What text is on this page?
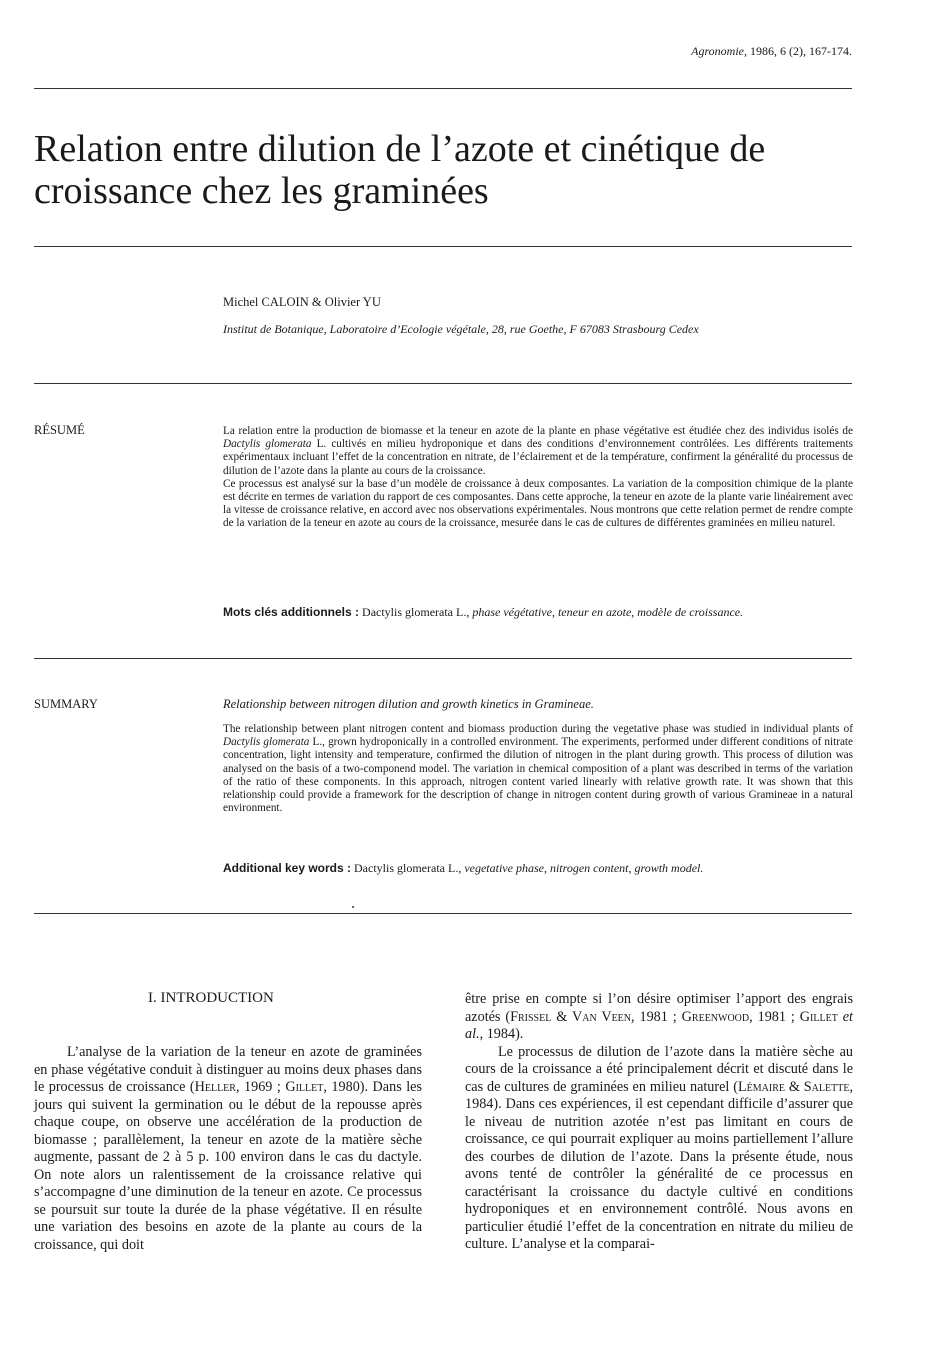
Agronomie, 1986, 6 (2), 167-174.
Relation entre dilution de l’azote et cinétique de croissance chez les graminées
Michel CALOIN & Olivier YU
Institut de Botanique, Laboratoire d’Ecologie végétale, 28, rue Goethe, F 67083 Strasbourg Cedex
RÉSUMÉ	La relation entre la production de biomasse et la teneur en azote de la plante en phase végétative est étudiée chez des individus isolés de Dactylis glomerata L. cultivés en milieu hydroponique et dans des conditions d’environnement contrôlées. Les différents traitements expérimentaux incluant l’effet de la concentration en nitrate, de l’éclairement et de la température, confirment la généralité du processus de dilution de l’azote dans la plante au cours de la croissance.

Ce processus est analysé sur la base d’un modèle de croissance à deux composantes. La variation de la composition chimique de la plante est décrite en termes de variation du rapport de ces composantes. Dans cette approche, la teneur en azote de la plante varie linéairement avec la vitesse de croissance relative, en accord avec nos observations expérimentales. Nous montrons que cette relation permet de rendre compte de la variation de la teneur en azote au cours de la croissance, mesurée dans le cas de cultures de différentes graminées en milieu naturel.

Mots clés additionnels : Dactylis glomerata L., phase végétative, teneur en azote, modèle de croissance.
SUMMARY	Relationship between nitrogen dilution and growth kinetics in Gramineae.

The relationship between plant nitrogen content and biomass production during the vegetative phase was studied in individual plants of Dactylis glomerata L., grown hydroponically in a controlled environment. The experiments, performed under different conditions of nitrate concentration, light intensity and temperature, confirmed the dilution of nitrogen in the plant during growth. This process of dilution was analysed on the basis of a two-componend model. The variation in chemical composition of a plant was described in terms of the variation of the ratio of these components. In this approach, nitrogen content varied linearly with relative growth rate. It was shown that this relationship could provide a framework for the description of change in nitrogen content during growth of various Gramineae in a natural environment.

Additional key words : Dactylis glomerata L., vegetative phase, nitrogen content, growth model.
I. INTRODUCTION

L’analyse de la variation de la teneur en azote de graminées en phase végétative conduit à distinguer au moins deux phases dans le processus de croissance (Heller, 1969 ; Gillet, 1980). Dans les jours qui suivent la germination ou le début de la repousse après chaque coupe, on observe une accélération de la production de biomasse ; parallèlement, la teneur en azote de la matière sèche augmente, passant de 2 à 5 p. 100 environ dans le cas du dactyle. On note alors un ralentissement de la croissance relative qui s’accompagne d’une diminution de la teneur en azote. Ce processus se poursuit sur toute la durée de la phase végétative. Il en résulte une variation des besoins en azote de la plante au cours de la croissance, qui doit

être prise en compte si l’on désire optimiser l’apport des engrais azotés (Frissel & Van Veen, 1981 ; Greenwood, 1981 ; Gillet et al., 1984).

Le processus de dilution de l’azote dans la matière sèche au cours de la croissance a été principalement décrit et discuté dans le cas de cultures de graminées en milieu naturel (Lémaire & Salette, 1984). Dans ces expériences, il est cependant difficile d’assurer que le niveau de nutrition azotée n’est pas limitant en cours de croissance, ce qui pourrait expliquer au moins partiellement l’allure des courbes de dilution de l’azote. Dans la présente étude, nous avons tenté de contrôler la généralité de ce processus en caractérisant la croissance du dactyle cultivé en conditions hydroponiques et en environnement contrôlé. Nous avons en particulier étudié l’effet de la concentration en nitrate du milieu de culture. L’analyse et la comparai-
